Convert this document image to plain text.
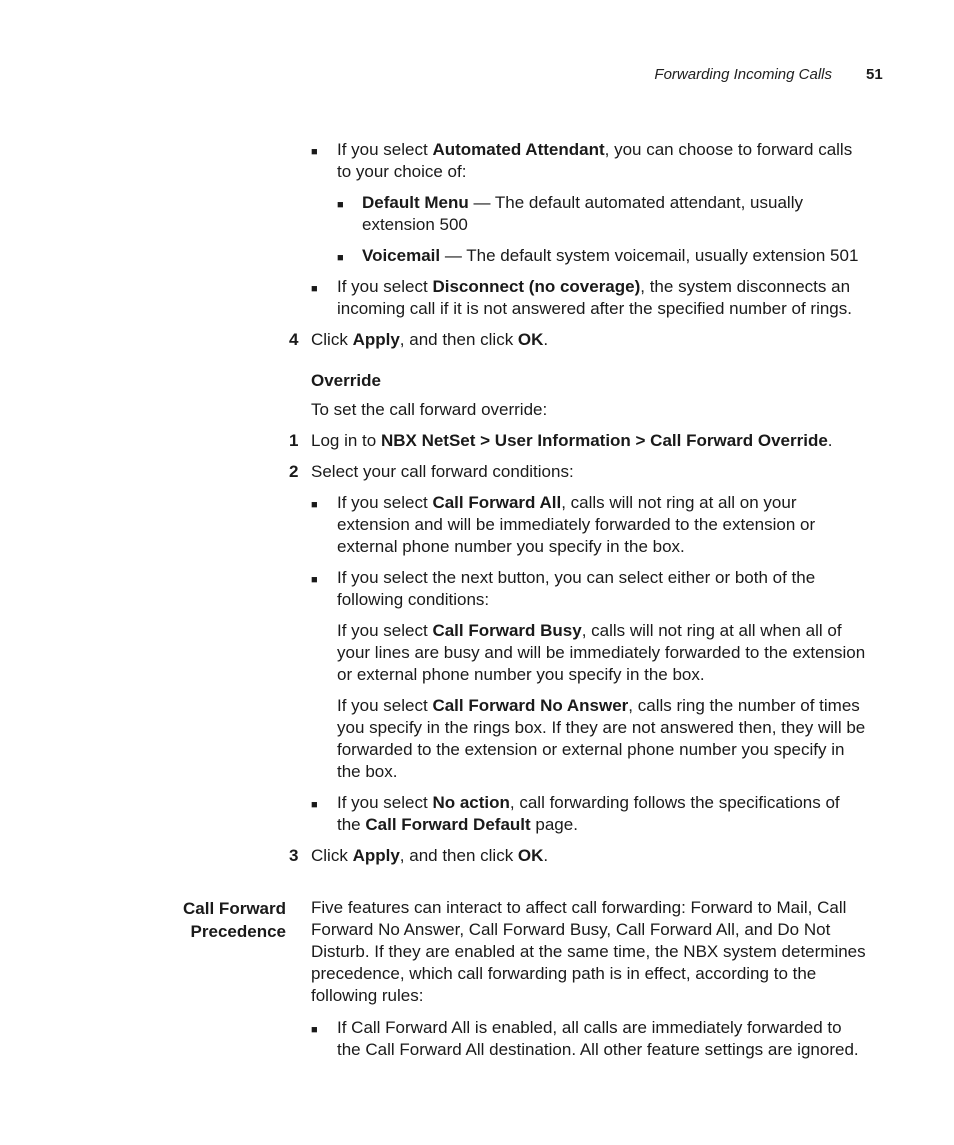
Forwarding Incoming Calls 51
■ If you select Automated Attendant, you can choose to forward calls
to your choice of:
■ Default Menu — The default automated attendant, usually
extension 500
■ Voicemail — The default system voicemail, usually extension 501
■ If you select Disconnect (no coverage), the system disconnects an
incoming call if it is not answered after the specified number of rings.
4 Click Apply, and then click OK.
Override
To set the call forward override:
1 Log in to NBX NetSet > User Information > Call Forward Override.
2 Select your call forward conditions:
■ If you select Call Forward All, calls will not ring at all on your
extension and will be immediately forwarded to the extension or
external phone number you specify in the box.
■ If you select the next button, you can select either or both of the
following conditions:
If you select Call Forward Busy, calls will not ring at all when all of
your lines are busy and will be immediately forwarded to the extension
or external phone number you specify in the box.
If you select Call Forward No Answer, calls ring the number of times
you specify in the rings box. If they are not answered then, they will be
forwarded to the extension or external phone number you specify in
the box.
■ If you select No action, call forwarding follows the specifications of
the Call Forward Default page.
3 Click Apply, and then click OK.
Call Forward
Precedence
Five features can interact to affect call forwarding: Forward to Mail, Call
Forward No Answer, Call Forward Busy, Call Forward All, and Do Not
Disturb. If they are enabled at the same time, the NBX system determines
precedence, which call forwarding path is in effect, according to the
following rules:
■ If Call Forward All is enabled, all calls are immediately forwarded to
the Call Forward All destination. All other feature settings are ignored.
